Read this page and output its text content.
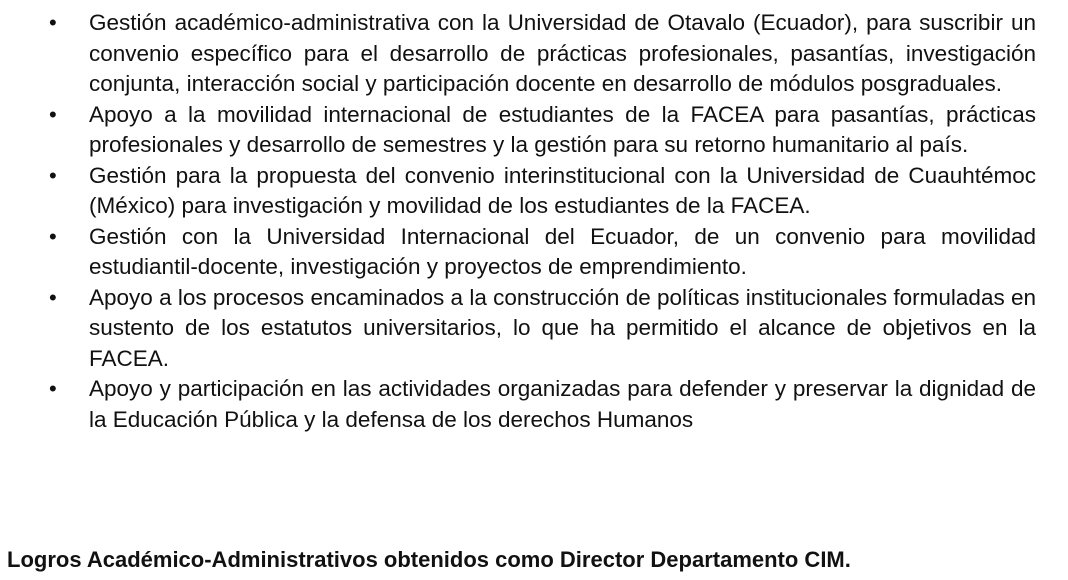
• Gestión académico-administrativa con la Universidad de Otavalo (Ecuador), para suscribir un convenio específico para el desarrollo de prácticas profesionales, pasantías, investigación conjunta, interacción social y participación docente en desarrollo de módulos posgraduales.
• Apoyo a la movilidad internacional de estudiantes de la FACEA para pasantías, prácticas profesionales y desarrollo de semestres y la gestión para su retorno humanitario al país.
• Gestión para la propuesta del convenio interinstitucional con la Universidad de Cuauhtémoc (México) para investigación y movilidad de los estudiantes de la FACEA.
• Gestión con la Universidad Internacional del Ecuador, de un convenio para movilidad estudiantil-docente, investigación y proyectos de emprendimiento.
• Apoyo a los procesos encaminados a la construcción de políticas institucionales formuladas en sustento de los estatutos universitarios, lo que ha permitido el alcance de objetivos en la FACEA.
• Apoyo y participación en las actividades organizadas para defender y preservar la dignidad de la Educación Pública y la defensa de los derechos Humanos

Logros Académico-Administrativos obtenidos como Director Departamento CIM.
